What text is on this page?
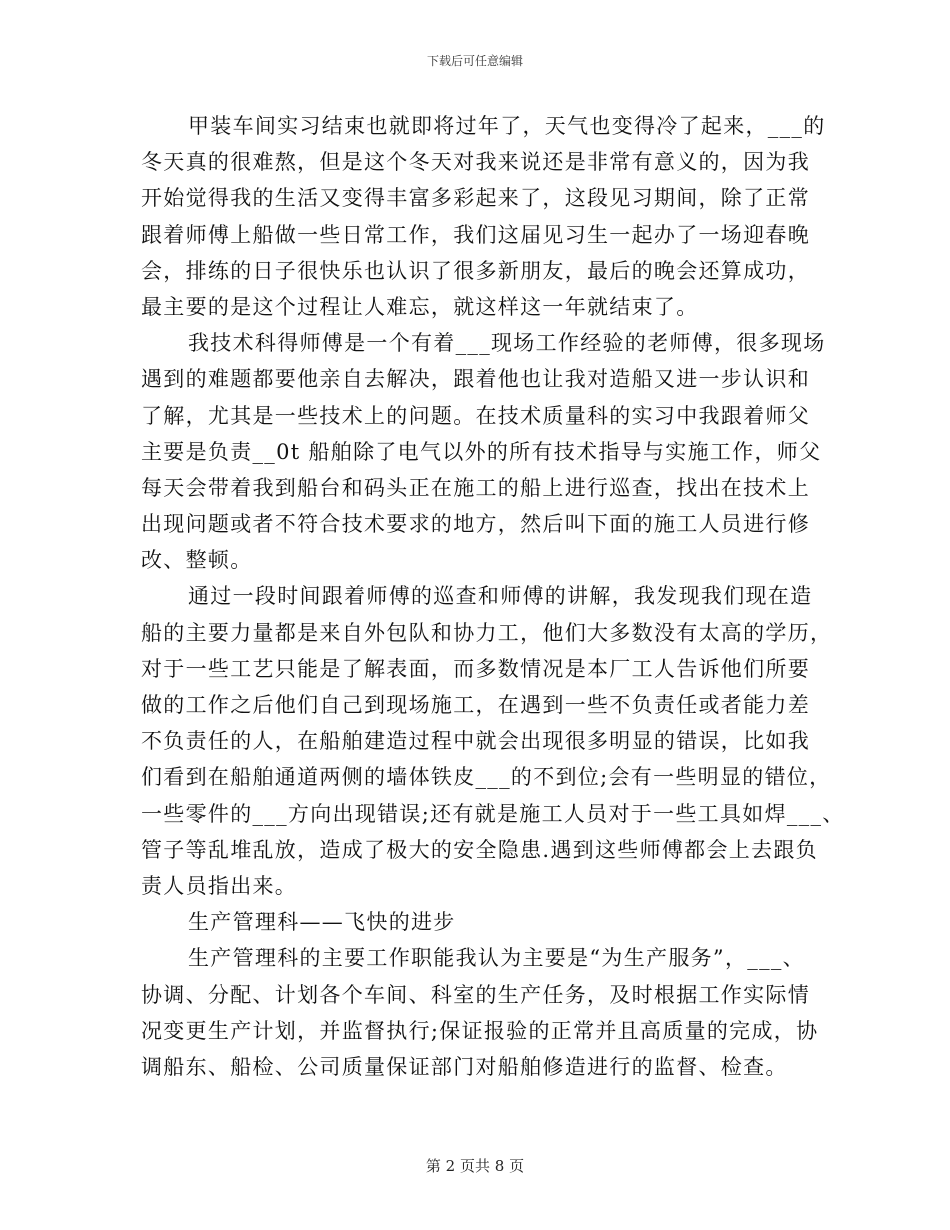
下载后可任意编辑
甲装车间实习结束也就即将过年了，天气也变得冷了起来，___的
冬天真的很难熬，但是这个冬天对我来说还是非常有意义的，因为我
开始觉得我的生活又变得丰富多彩起来了，这段见习期间，除了正常
跟着师傅上船做一些日常工作，我们这届见习生一起办了一场迎春晚
会，排练的日子很快乐也认识了很多新朋友，最后的晚会还算成功，
最主要的是这个过程让人难忘，就这样这一年就结束了。
我技术科得师傅是一个有着___现场工作经验的老师傅，很多现场
遇到的难题都要他亲自去解决，跟着他也让我对造船又进一步认识和
了解，尤其是一些技术上的问题。在技术质量科的实习中我跟着师父
主要是负责__0t 船舶除了电气以外的所有技术指导与实施工作，师父
每天会带着我到船台和码头正在施工的船上进行巡查，找出在技术上
出现问题或者不符合技术要求的地方，然后叫下面的施工人员进行修
改、整顿。
通过一段时间跟着师傅的巡查和师傅的讲解，我发现我们现在造
船的主要力量都是来自外包队和协力工，他们大多数没有太高的学历，
对于一些工艺只能是了解表面，而多数情况是本厂工人告诉他们所要
做的工作之后他们自己到现场施工，在遇到一些不负责任或者能力差
不负责任的人，在船舶建造过程中就会出现很多明显的错误，比如我
们看到在船舶通道两侧的墙体铁皮___的不到位;会有一些明显的错位，
一些零件的___方向出现错误;还有就是施工人员对于一些工具如焊___、
管子等乱堆乱放，造成了极大的安全隐患.遇到这些师傅都会上去跟负
责人员指出来。
生产管理科——飞快的进步
生产管理科的主要工作职能我认为主要是“为生产服务”，___、
协调、分配、计划各个车间、科室的生产任务，及时根据工作实际情
况变更生产计划，并监督执行;保证报验的正常并且高质量的完成，协
调船东、船检、公司质量保证部门对船舶修造进行的监督、检查。
第 2 页共 8 页
